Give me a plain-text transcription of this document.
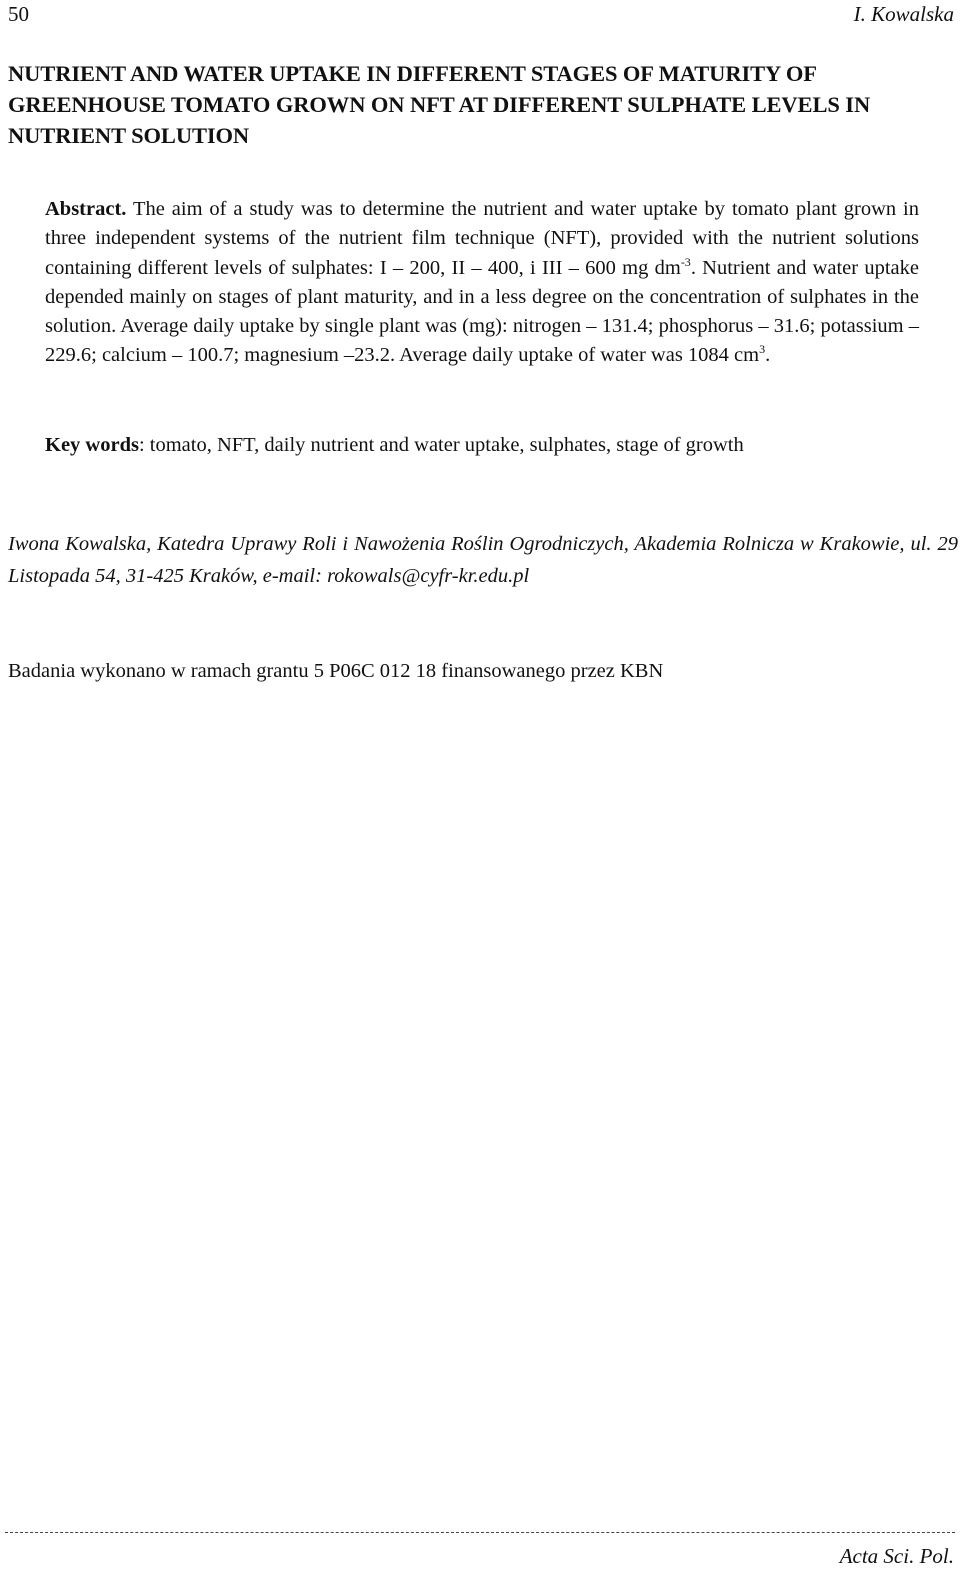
50	I. Kowalska
NUTRIENT AND WATER UPTAKE IN DIFFERENT STAGES OF MATURITY OF GREENHOUSE TOMATO GROWN ON NFT AT DIFFERENT SULPHATE LEVELS IN NUTRIENT SOLUTION

Abstract. The aim of a study was to determine the nutrient and water uptake by tomato plant grown in three independent systems of the nutrient film technique (NFT), provided with the nutrient solutions containing different levels of sulphates: I – 200, II – 400, i III – 600 mg $dm^{-3}$. Nutrient and water uptake depended mainly on stages of plant maturity, and in a less degree on the concentration of sulphates in the solution. Average daily uptake by single plant was (mg): nitrogen – 131.4; phosphorus – 31.6; potassium – 229.6; calcium – 100.7; magnesium –23.2. Average daily uptake of water was 1084 $cm^3$.

Key words: tomato, NFT, daily nutrient and water uptake, sulphates, stage of growth

Iwona Kowalska, Katedra Uprawy Roli i Nawożenia Roślin Ogrodniczych, Akademia Rolnicza w Krakowie, ul. 29 Listopada 54, 31-425 Kraków, e-mail: rokowals@cyfr-kr.edu.pl

Badania wykonano w ramach grantu 5 P06C 012 18 finansowanego przez KBN

Acta Sci. Pol.
